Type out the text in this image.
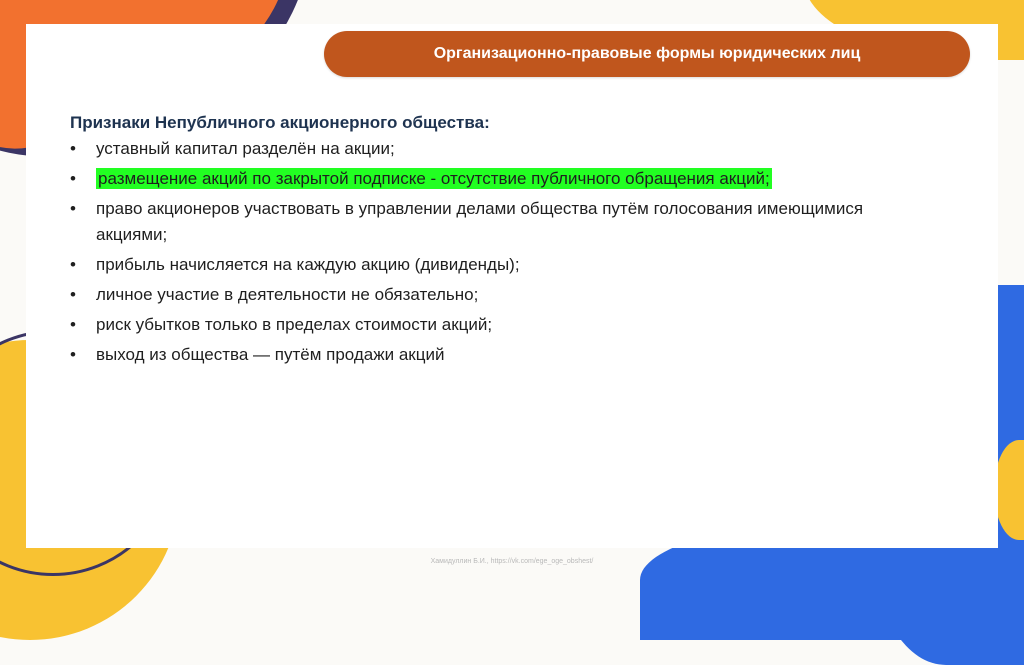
Организационно-правовые формы юридических лиц
Признаки Непубличного акционерного общества:
• уставный капитал разделён на акции;
• размещение акций по закрытой подписке - отсутствие публичного обращения акций;
• право акционеров участвовать в управлении делами общества путём голосования имеющимися акциями;
• прибыль начисляется на каждую акцию (дивиденды);
• личное участие в деятельности не обязательно;
• риск убытков только в пределах стоимости акций;
• выход из общества — путём продажи акций
Хамидуллин Б.И., https://vk.com/ege_oge_obshest/
